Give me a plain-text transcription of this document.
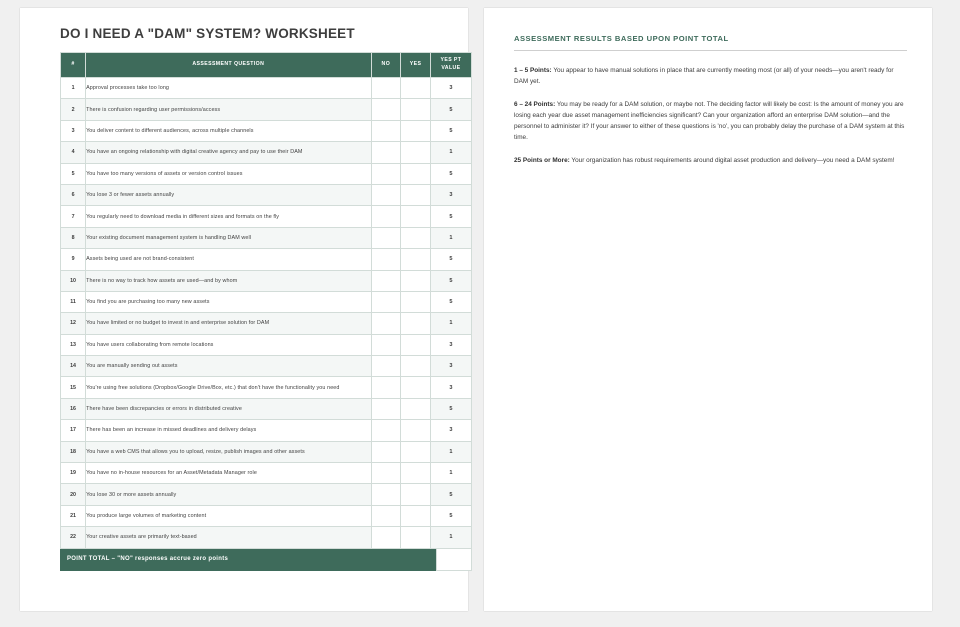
DO I NEED A "DAM" SYSTEM? WORKSHEET
#	ASSESSMENT QUESTION	NO	YES	YES PT VALUE
1	Approval processes take too long			3
2	There is confusion regarding user permissions/access			5
3	You deliver content to different audiences, across multiple channels			5
4	You have an ongoing relationship with digital creative agency and pay to use their DAM			1
5	You have too many versions of assets or version control issues			5
6	You lose 3 or fewer assets annually			3
7	You regularly need to download media in different sizes and formats on the fly			5
8	Your existing document management system is handling DAM well			1
9	Assets being used are not brand-consistent			5
10	There is no way to track how assets are used—and by whom			5
11	You find you are purchasing too many new assets			5
12	You have limited or no budget to invest in and enterprise solution for DAM			1
13	You have users collaborating from remote locations			3
14	You are manually sending out assets			3
15	You're using free solutions (Dropbox/Google Drive/Box, etc.) that don't have the functionality you need			3
16	There have been discrepancies or errors in distributed creative			5
17	There has been an increase in missed deadlines and delivery delays			3
18	You have a web CMS that allows you to upload, resize, publish images and other assets			1
19	You have no in-house resources for an Asset/Metadata Manager role			1
20	You lose 30 or more assets annually			5
21	You produce large volumes of marketing content			5
22	Your creative assets are primarily text-based			1
POINT TOTAL – "NO" responses accrue zero points
ASSESSMENT RESULTS BASED UPON POINT TOTAL

1 – 5 Points: You appear to have manual solutions in place that are currently meeting most (or all) of your needs—you aren't ready for DAM yet.

6 – 24 Points: You may be ready for a DAM solution, or maybe not. The deciding factor will likely be cost: Is the amount of money you are losing each year due asset management inefficiencies significant? Can your organization afford an enterprise DAM solution—and the personnel to administer it? If your answer to either of these questions is 'no', you can probably delay the purchase of a DAM system at this time.

25 Points or More: Your organization has robust requirements around digital asset production and delivery—you need a DAM system!
